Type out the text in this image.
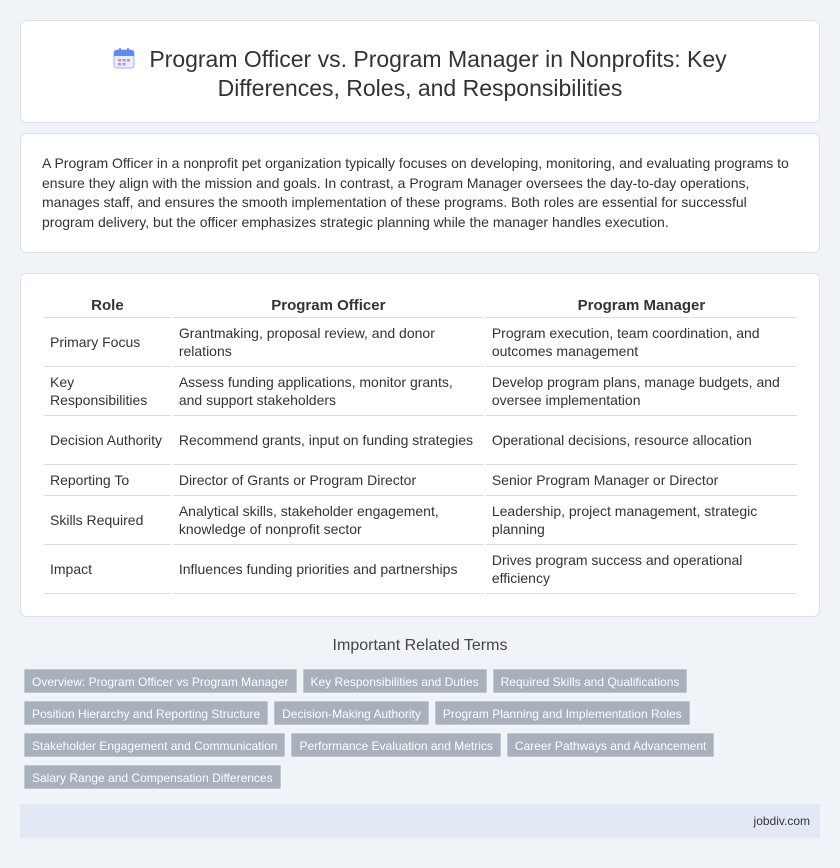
Program Officer vs. Program Manager in Nonprofits: Key Differences, Roles, and Responsibilities

A Program Officer in a nonprofit pet organization typically focuses on developing, monitoring, and evaluating programs to ensure they align with the mission and goals. In contrast, a Program Manager oversees the day-to-day operations, manages staff, and ensures the smooth implementation of these programs. Both roles are essential for successful program delivery, but the officer emphasizes strategic planning while the manager handles execution.

Role	Program Officer	Program Manager
Primary Focus	Grantmaking, proposal review, and donor relations	Program execution, team coordination, and outcomes management
Key Responsibilities	Assess funding applications, monitor grants, and support stakeholders	Develop program plans, manage budgets, and oversee implementation
Decision Authority	Recommend grants, input on funding strategies	Operational decisions, resource allocation
Reporting To	Director of Grants or Program Director	Senior Program Manager or Director
Skills Required	Analytical skills, stakeholder engagement, knowledge of nonprofit sector	Leadership, project management, strategic planning
Impact	Influences funding priorities and partnerships	Drives program success and operational efficiency
Important Related Terms
Overview: Program Officer vs Program Manager Key Responsibilities and Duties Required Skills and Qualifications
Position Hierarchy and Reporting Structure Decision-Making Authority Program Planning and Implementation Roles
Stakeholder Engagement and Communication Performance Evaluation and Metrics Career Pathways and Advancement
Salary Range and Compensation Differences
jobdiv.com
